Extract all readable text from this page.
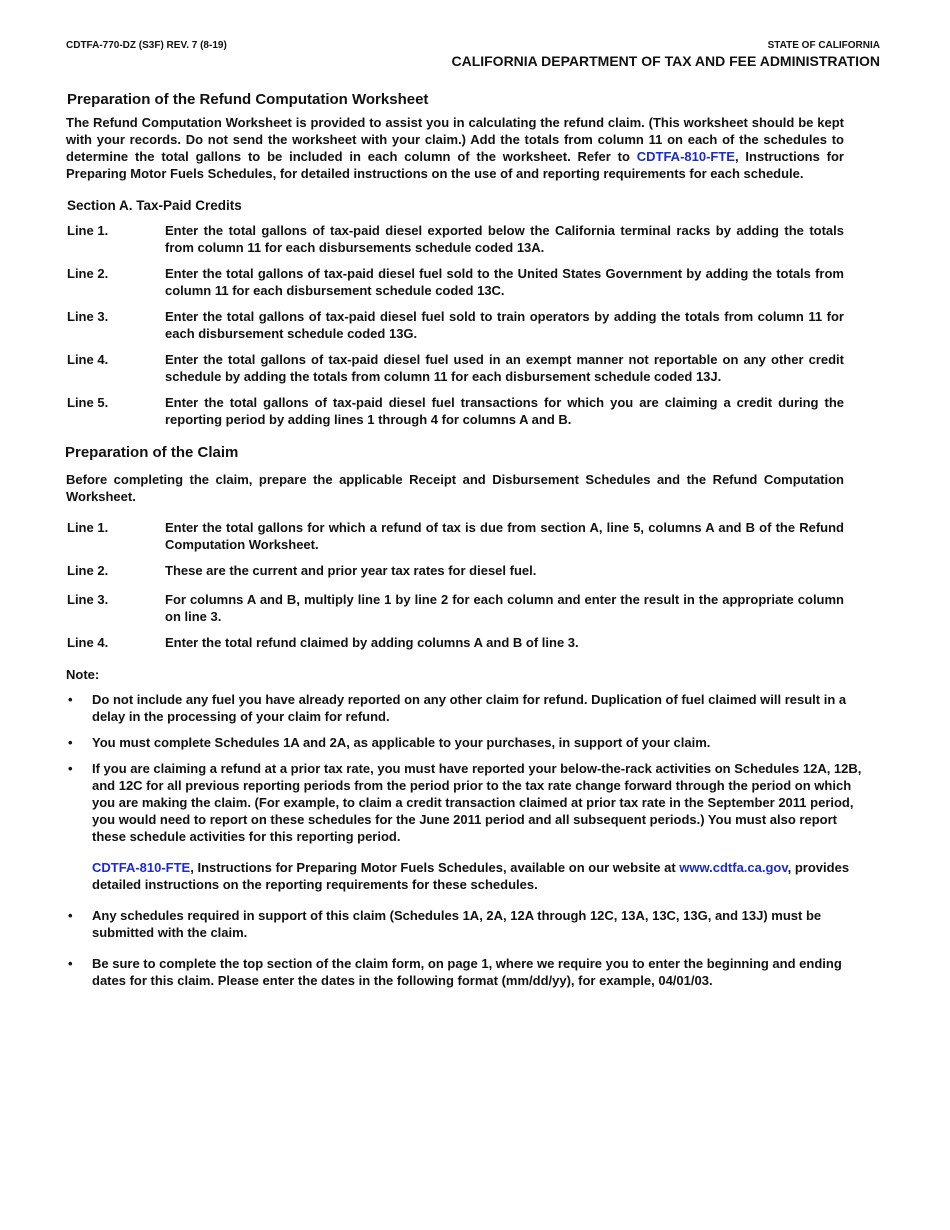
CDTFA-770-DZ (S3F) REV. 7 (8-19)	STATE OF CALIFORNIA
CALIFORNIA DEPARTMENT OF TAX AND FEE ADMINISTRATION
Preparation of the Refund Computation Worksheet

The Refund Computation Worksheet is provided to assist you in calculating the refund claim. (This worksheet should be kept with your records. Do not send the worksheet with your claim.) Add the totals from column 11 on each of the schedules to determine the total gallons to be included in each column of the worksheet. Refer to CDTFA-810-FTE, Instructions for Preparing Motor Fuels Schedules, for detailed instructions on the use of and reporting requirements for each schedule.

Section A. Tax-Paid Credits
Line 1.	Enter the total gallons of tax-paid diesel exported below the California terminal racks by adding the totals from column 11 for each disbursements schedule coded 13A.
Line 2.	Enter the total gallons of tax-paid diesel fuel sold to the United States Government by adding the totals from column 11 for each disbursement schedule coded 13C.
Line 3.	Enter the total gallons of tax-paid diesel fuel sold to train operators by adding the totals from column 11 for each disbursement schedule coded 13G.
Line 4.	Enter the total gallons of tax-paid diesel fuel used in an exempt manner not reportable on any other credit schedule by adding the totals from column 11 for each disbursement schedule coded 13J.
Line 5.	Enter the total gallons of tax-paid diesel fuel transactions for which you are claiming a credit during the reporting period by adding lines 1 through 4 for columns A and B.
Preparation of the Claim

Before completing the claim, prepare the applicable Receipt and Disbursement Schedules and the Refund Computation Worksheet.

Line 1.	Enter the total gallons for which a refund of tax is due from section A, line 5, columns A and B of the Refund Computation Worksheet.
Line 2.	These are the current and prior year tax rates for diesel fuel.
Line 3.	For columns A and B, multiply line 1 by line 2 for each column and enter the result in the appropriate column on line 3.
Line 4.	Enter the total refund claimed by adding columns A and B of line 3.
Note:
• Do not include any fuel you have already reported on any other claim for refund. Duplication of fuel claimed will result in a delay in the processing of your claim for refund.
• You must complete Schedules 1A and 2A, as applicable to your purchases, in support of your claim.
• If you are claiming a refund at a prior tax rate, you must have reported your below-the-rack activities on Schedules 12A, 12B, and 12C for all previous reporting periods from the period prior to the tax rate change forward through the period on which you are making the claim. (For example, to claim a credit transaction claimed at prior tax rate in the September 2011 period, you would need to report on these schedules for the June 2011 period and all subsequent periods.) You must also report these schedule activities for this reporting period.
CDTFA-810-FTE, Instructions for Preparing Motor Fuels Schedules, available on our website at www.cdtfa.ca.gov, provides detailed instructions on the reporting requirements for these schedules.
• Any schedules required in support of this claim (Schedules 1A, 2A, 12A through 12C, 13A, 13C, 13G, and 13J) must be submitted with the claim.
• Be sure to complete the top section of the claim form, on page 1, where we require you to enter the beginning and ending dates for this claim. Please enter the dates in the following format (mm/dd/yy), for example, 04/01/03.
